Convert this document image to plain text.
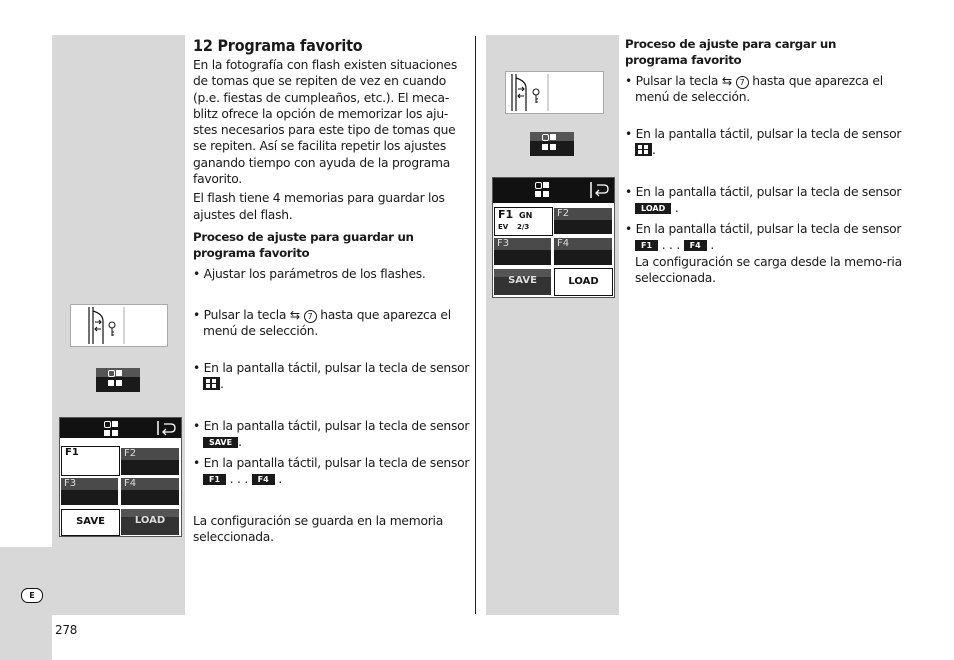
12 Programa favorito

En la fotografía con flash existen situaciones de tomas que se repiten de vez en cuando (p.e. fiestas de cumpleaños, etc.). El meca-blitz ofrece la opción de memorizar los aju-stes necesarios para este tipo de tomas que se repiten. Así se facilita repetir los ajustes ganando tiempo con ayuda de la programa favorito.

El flash tiene 4 memorias para guardar los ajustes del flash.

Proceso de ajuste para guardar un programa favorito
• Ajustar los parámetros de los flashes.
• Pulsar la tecla ⇆ 7 hasta que aparezca el menú de selección.
• En la pantalla táctil, pulsar la tecla de sensor
.
• En la pantalla táctil, pulsar la tecla de sensor SAVE .
• En la pantalla táctil, pulsar la tecla de sensor F1 . . . F4 .
La configuración se guarda en la memoria seleccionada.
F1	F2
F3	F4
SAVE	LOAD
E
278
F1 GN
EV 2/3
F2
F3	F4
SAVE	LOAD
Proceso de ajuste para cargar un programa favorito
• Pulsar la tecla ⇆ 7 hasta que aparezca el menú de selección.
• En la pantalla táctil, pulsar la tecla de sensor
.
• En la pantalla táctil, pulsar la tecla de sensor LOAD .
• En la pantalla táctil, pulsar la tecla de sensor F1 . . . F4 .
La configuración se carga desde la memo-ria seleccionada.
